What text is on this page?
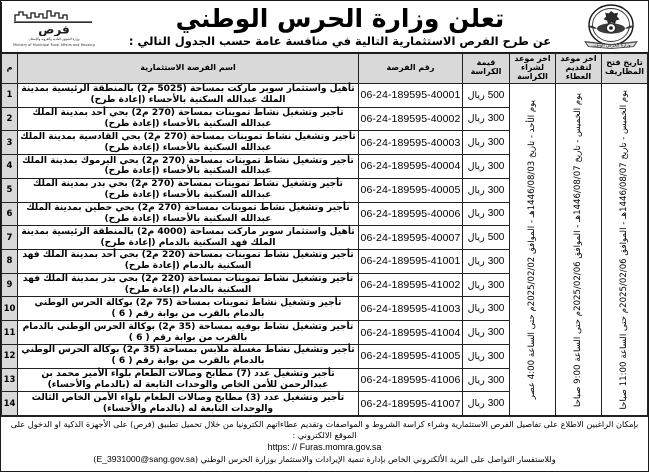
وزارة الحرس الوطني
تعلن وزارة الحرس الوطني
عن طرح الفرص الاستثمارية التالية في منافسة عامة حسب الجدول التالي :
فرص
وزارة الشؤون البلدية والقروية والإسكان
Ministry of Municipal Rural Affairs and Housing
تاريخ فتح المظاريف	اخر موعد لتقديم العطاء	اخر موعد لشراء الكراسة	قيمة الكراسة	رقم الفرصة	اسم الفرصة الاستثمارية	م

يوم الخميس - تاريخ 1446/08/07هـ - الموافق 2025/02/06م حتى الساعة 11:00 صباحا	يوم الخميس - تاريخ 1446/08/07هـ - الموافق 2025/02/06م حتى الساعة 9:00 صباحا	يوم الأحد - تاريخ 1446/08/03هـ - الموافق 2025/02/02م حتى الساعة 4:00 عصر	500 ريال	06-24-189595-40001	تأهيل واستثمار سوبر ماركت بمساحة (5025 م2) بالمنطقة الرئيسية بمدينة الملك عبدالله السكنية بالأحساء (إعادة طرح)	1
			300 ريال	06-24-189595-40002	تأجير وتشغيل نشاط تموينات بمساحة (270 م2) بحي أحد بمدينة الملك عبدالله السكنية بالأحساء (إعادة طرح)	2
			300 ريال	06-24-189595-40003	تأجير وتشغيل نشاط تموينات بمساحة (270 م2) بحي القادسية بمدينة الملك عبدالله السكنية بالأحساء (إعادة طرح)	3
			300 ريال	06-24-189595-40004	تأجير وتشغيل نشاط تموينات بمساحة (270 م2) بحي اليرموك بمدينة الملك عبدالله السكنية بالأحساء (إعادة طرح)	4
			300 ريال	06-24-189595-40005	تأجير وتشغيل نشاط تموينات بمساحة (270 م2) بحي بدر بمدينة الملك عبدالله السكنية بالأحساء (إعادة طرح)	5
			300 ريال	06-24-189595-40006	تأجير وتشغيل نشاط تموينات بمساحة (270 م2) بحي حطين بمدينة الملك عبدالله السكنية بالأحساء (إعادة طرح)	6
			500 ريال	06-24-189595-40007	تأهيل واستثمار سوبر ماركت بمساحة (4000 م2) بالمنطقة الرئيسية بمدينة الملك فهد السكنية بالدمام (إعادة طرح)	7
			300 ريال	06-24-189595-41001	تأجير وتشغيل نشاط تموينات بمساحة (220 م2) بحي أحد بمدينة الملك فهد السكنية بالدمام (إعادة طرح)	8
			300 ريال	06-24-189595-41002	تأجير وتشغيل نشاط تموينات بمساحة (220 م2) بحي بدر بمدينة الملك فهد السكنية بالدمام (إعادة طرح)	9
			300 ريال	06-24-189595-41003	تأجير وتشغيل نشاط تموينات بمساحة (75 م2) بوكالة الحرس الوطني بالدمام بالقرب من بوابة رقم ( 6 )	10
			300 ريال	06-24-189595-41004	تأجير وتشغيل نشاط بوفيه بمساحة (35 م2) بوكالة الحرس الوطني بالدمام بالقرب من بوابة رقم ( 6 )	11
			300 ريال	06-24-189595-41005	تأجير وتشغيل نشاط مغسلة ملابس بمساحة (35 م2) بوكالة الحرس الوطني بالدمام بالقرب من بوابة رقم ( 6 )	12
			300 ريال	06-24-189595-41006	تأجير وتشغيل عدد (7) مطابخ وصالات الطعام بلواء الأمير محمد بن عبدالرحمن للأمن الخاص والوحدات التابعة له (بالدمام والأحساء)	13
			300 ريال	06-24-189595-41007	تأجير وتشغيل عدد (3) مطابخ وصالات الطعام بلواء الأمن الخاص الثالث والوحدات التابعة له (بالدمام والأحساء)	14
بإمكان الراغبين الاطلاع على تفاصيل الفرص الاستثمارية وشراء كراسة الشروط و المواصفات وتقديم عطاءاتهم الكترونيا من خلال تحميل تطبيق (فرص) على الأجهزة الذكية او الدخول على الموقع الالكتروني :
https: // Furas.momra.gov.sa
وللاستفسار التواصل على البريد الألكتروني الخاص بإدارة تنمية الإيرادات والاستثمار بوزارة الحرس الوطني (E_3931000@sang.gov.sa)
